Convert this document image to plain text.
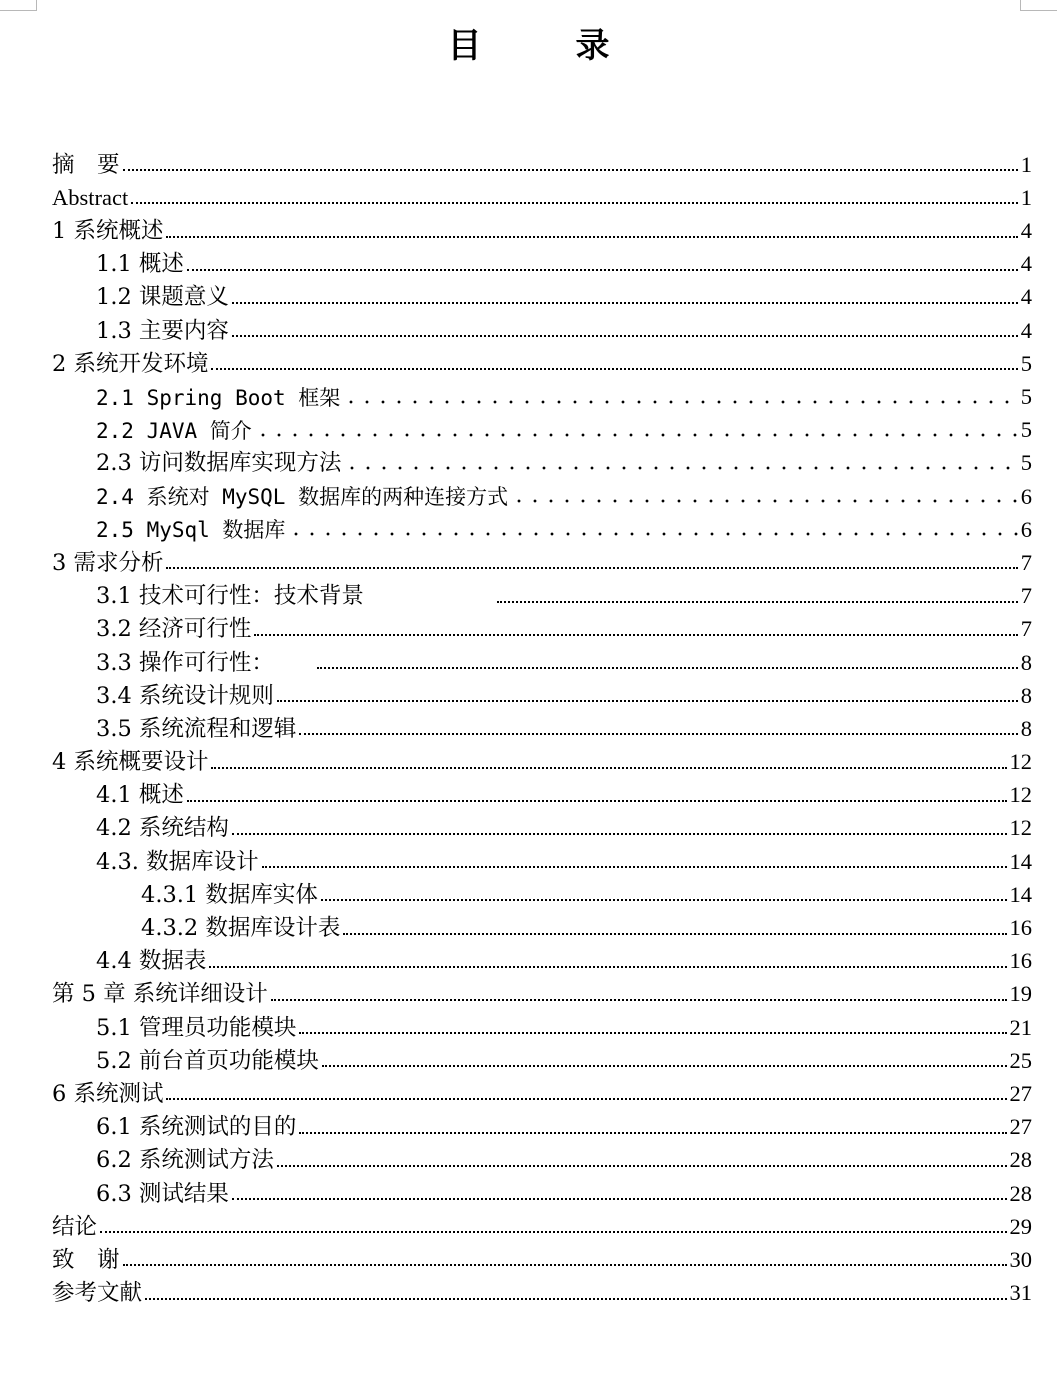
目　录
摘　要	1
Abstract	1
1 系统概述	4
1.1 概述	4
1.2 课题意义	4
1.3 主要内容	4
2 系统开发环境	5
2.1 Spring Boot 框架	5
2.2 JAVA 简介	5
2.3 访问数据库实现方法	5
2.4 系统对 MySQL 数据库的两种连接方式	6
2.5 MySql 数据库	6
3 需求分析	7
3.1 技术可行性：技术背景	7
3.2 经济可行性	7
3.3 操作可行性：	8
3.4 系统设计规则	8
3.5 系统流程和逻辑	8
4 系统概要设计	12
4.1 概述	12
4.2 系统结构	12
4.3. 数据库设计	14
4.3.1 数据库实体	14
4.3.2 数据库设计表	16
4.4 数据表	16
第 5 章 系统详细设计	19
5.1 管理员功能模块	21
5.2 前台首页功能模块	25
6 系统测试	27
6.1 系统测试的目的	27
6.2 系统测试方法	28
6.3 测试结果	28
结论	29
致　谢	30
参考文献	31
